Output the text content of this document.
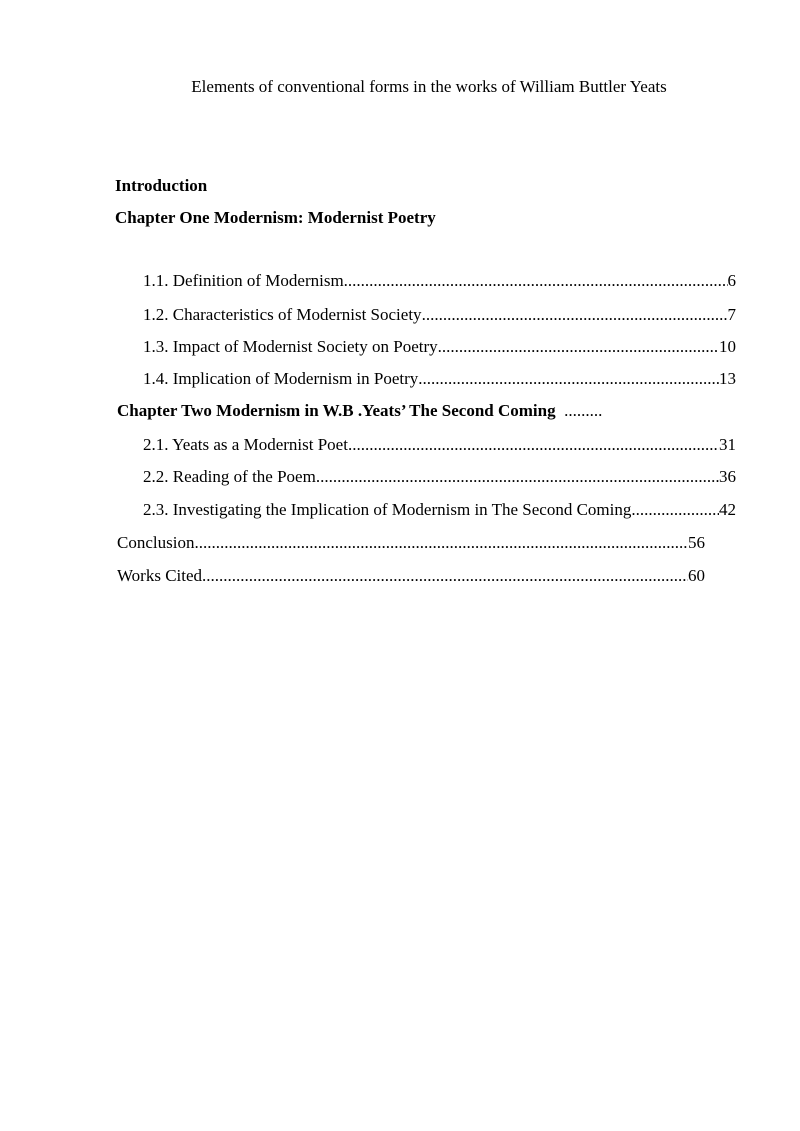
Elements of conventional forms in the works of William Buttler Yeats
Introduction
Chapter One Modernism: Modernist Poetry
1.1. Definition of Modernism .....	6
1.2. Characteristics of Modernist Society .....	7
1.3. Impact of Modernist Society on Poetry .....	10
1.4. Implication of Modernism in Poetry .....	13
Chapter Two Modernism in W.B .Yeats’ The Second Coming .........
2.1. Yeats as a Modernist Poet .....	31
2.2. Reading of the Poem .....	36
2.3. Investigating the Implication of Modernism in The Second Coming .....	42
Conclusion .....	56
Works Cited .....	60
